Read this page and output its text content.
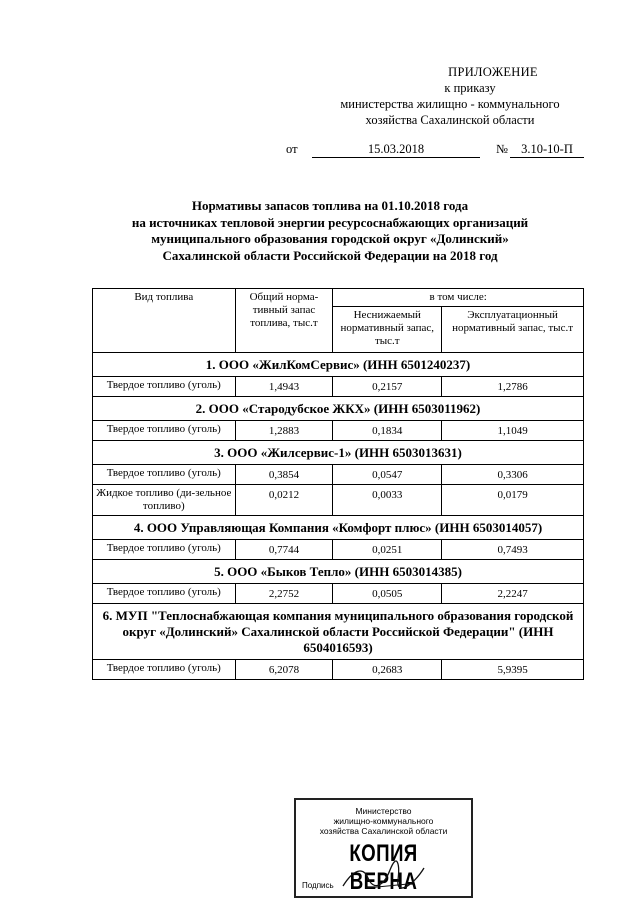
ПРИЛОЖЕНИЕ
к приказу
министерства жилищно - коммунального
хозяйства Сахалинской области
от	15.03.2018	№	3.10-10-П
Нормативы запасов топлива на 01.10.2018 года
на источниках тепловой энергии ресурсоснабжающих организаций
муниципального образования городской округ «Долинский»
Сахалинской области Российской Федерации на 2018 год
Вид топлива	Общий норма-тивный запас топлива, тыс.т	в том числе:	
		Неснижаемый нормативный запас, тыс.т	Эксплуатационный нормативный запас, тыс.т
1. ООО «ЖилКомСервис» (ИНН 6501240237)			
Твердое топливо (уголь)	1,4943	0,2157	1,2786
2. ООО «Стародубское ЖКХ» (ИНН 6503011962)			
Твердое топливо (уголь)	1,2883	0,1834	1,1049
3. ООО «Жилсервис-1» (ИНН 6503013631)			
Твердое топливо (уголь)	0,3854	0,0547	0,3306
Жидкое топливо (ди-зельное топливо)	0,0212	0,0033	0,0179
4. ООО Управляющая Компания «Комфорт плюс» (ИНН 6503014057)			
Твердое топливо (уголь)	0,7744	0,0251	0,7493
5. ООО «Быков Тепло» (ИНН 6503014385)			
Твердое топливо (уголь)	2,2752	0,0505	2,2247
6. МУП "Теплоснабжающая компания муниципального образования городской округ «Долинский» Сахалинской области Российской Федерации" (ИНН 6504016593)			
Твердое топливо (уголь)	6,2078	0,2683	5,9395
Министерство
жилищно-коммунального
хозяйства Сахалинской области
КОПИЯ ВЕРНА
Подпись
